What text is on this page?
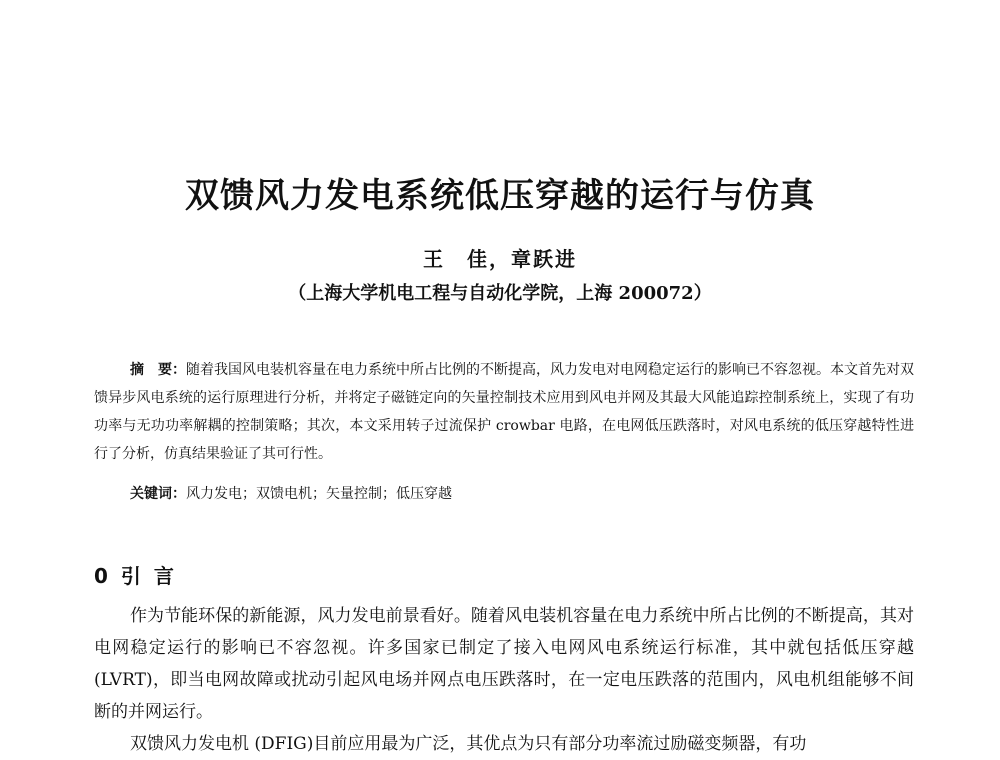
双馈风力发电系统低压穿越的运行与仿真
王　佳，章跃进
（上海大学机电工程与自动化学院，上海 200072）

摘　要：随着我国风电装机容量在电力系统中所占比例的不断提高，风力发电对电网稳定运行的影响已不容忽视。本文首先对双馈异步风电系统的运行原理进行分析，并将定子磁链定向的矢量控制技术应用到风电并网及其最大风能追踪控制系统上，实现了有功功率与无功功率解耦的控制策略；其次，本文采用转子过流保护 crowbar 电路，在电网低压跌落时，对风电系统的低压穿越特性进行了分析，仿真结果验证了其可行性。

关键词：风力发电；双馈电机；矢量控制；低压穿越
0 引 言

作为节能环保的新能源，风力发电前景看好。随着风电装机容量在电力系统中所占比例的不断提高，其对电网稳定运行的影响已不容忽视。许多国家已制定了接入电网风电系统运行标准，其中就包括低压穿越(LVRT)，即当电网故障或扰动引起风电场并网点电压跌落时，在一定电压跌落的范围内，风电机组能够不间断的并网运行。

双馈风力发电机 (DFIG)目前应用最为广泛，其优点为只有部分功率流过励磁变频器，有功
